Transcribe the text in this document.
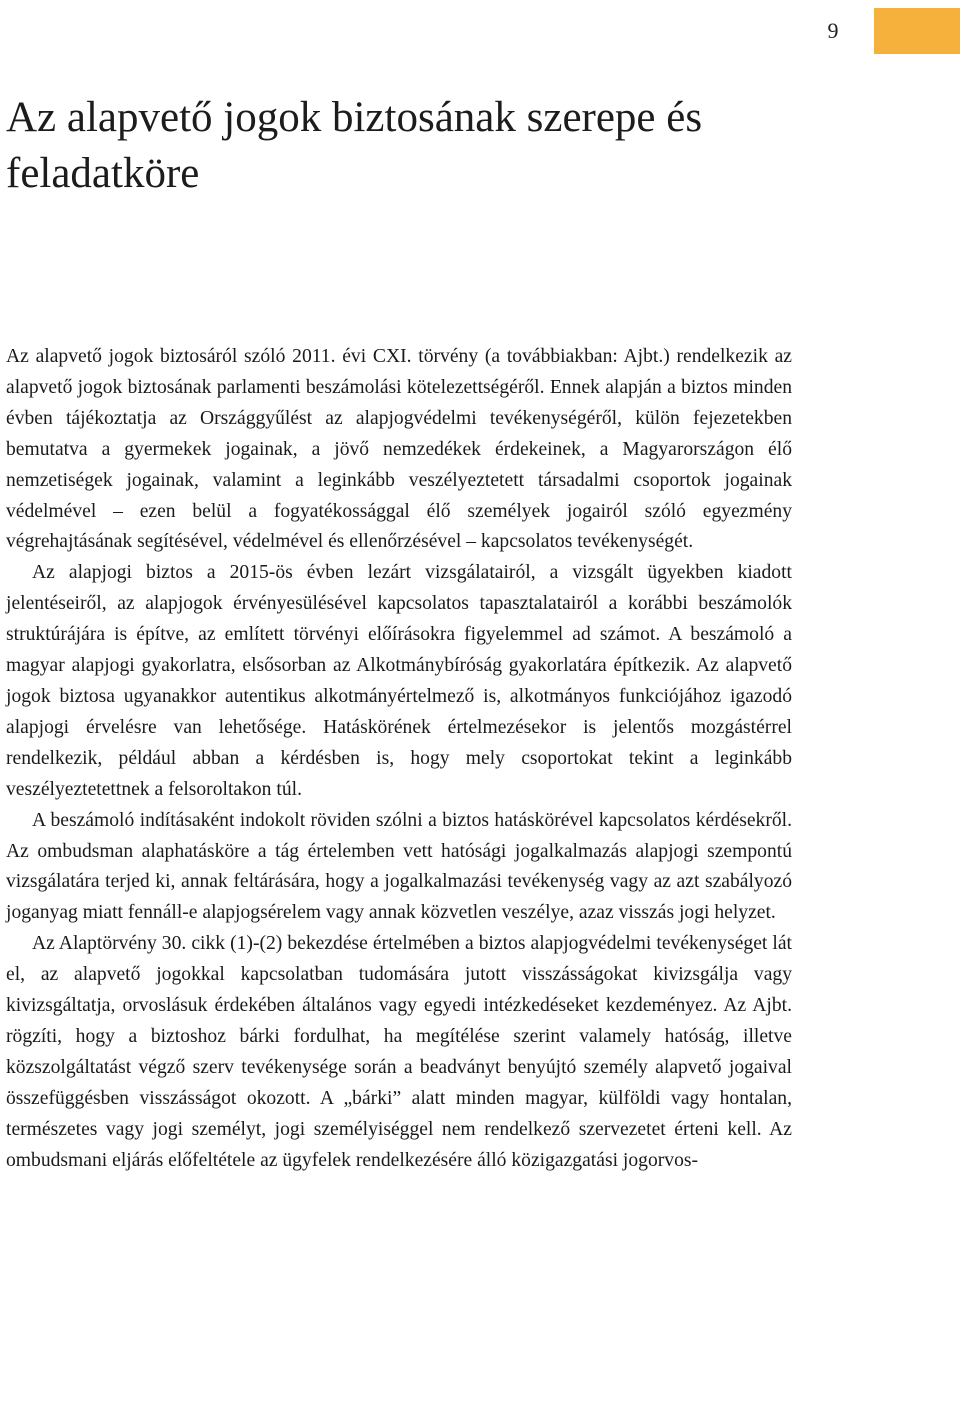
9
Az alapvető jogok biztosának szerepe és feladatköre

Az alapvető jogok biztosáról szóló 2011. évi CXI. törvény (a továbbiakban: Ajbt.) rendelkezik az alapvető jogok biztosának parlamenti beszámolási kötelezettségéről. Ennek alapján a biztos minden évben tájékoztatja az Országgyűlést az alapjogvédelmi tevékenységéről, külön fejezetekben bemutatva a gyermekek jogainak, a jövő nemzedékek érdekeinek, a Magyarországon élő nemzetiségek jogainak, valamint a leginkább veszélyeztetett társadalmi csoportok jogainak védelmével – ezen belül a fogyatékossággal élő személyek jogairól szóló egyezmény végrehajtásának segítésével, védelmével és ellenőrzésével – kapcsolatos tevékenységét.

Az alapjogi biztos a 2015-ös évben lezárt vizsgálatairól, a vizsgált ügyekben kiadott jelentéseiről, az alapjogok érvényesülésével kapcsolatos tapasztalatairól a korábbi beszámolók struktúrájára is építve, az említett törvényi előírásokra figyelemmel ad számot. A beszámoló a magyar alapjogi gyakorlatra, elsősorban az Alkotmánybíróság gyakorlatára építkezik. Az alapvető jogok biztosa ugyanakkor autentikus alkotmányértelmező is, alkotmányos funkciójához igazodó alapjogi érvelésre van lehetősége. Hatáskörének értelmezésekor is jelentős mozgástérrel rendelkezik, például abban a kérdésben is, hogy mely csoportokat tekint a leginkább veszélyeztetettnek a felsoroltakon túl.

A beszámoló indításaként indokolt röviden szólni a biztos hatáskörével kapcsolatos kérdésekről. Az ombudsman alaphatásköre a tág értelemben vett hatósági jogalkalmazás alapjogi szempontú vizsgálatára terjed ki, annak feltárására, hogy a jogalkalmazási tevékenység vagy az azt szabályozó joganyag miatt fennáll-e alapjogsérelem vagy annak közvetlen veszélye, azaz visszás jogi helyzet.

Az Alaptörvény 30. cikk (1)-(2) bekezdése értelmében a biztos alapjogvédelmi tevékenységet lát el, az alapvető jogokkal kapcsolatban tudomására jutott visszásságokat kivizsgálja vagy kivizsgáltatja, orvoslásuk érdekében általános vagy egyedi intézkedéseket kezdeményez. Az Ajbt. rögzíti, hogy a biztoshoz bárki fordulhat, ha megítélése szerint valamely hatóság, illetve közszolgáltatást végző szerv tevékenysége során a beadványt benyújtó személy alapvető jogaival összefüggésben visszásságot okozott. A „bárki” alatt minden magyar, külföldi vagy hontalan, természetes vagy jogi személyt, jogi személyiséggel nem rendelkező szervezetet érteni kell. Az ombudsmani eljárás előfeltétele az ügyfelek rendelkezésére álló közigazgatási jogorvos-
